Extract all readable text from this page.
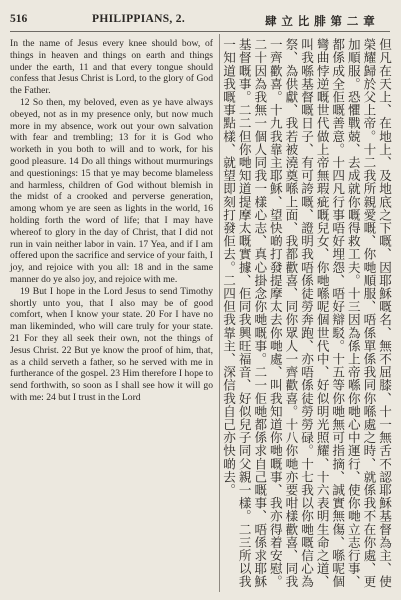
516	PHILIPPIANS, 2.	肆 立 比 腓 第 二 章

In the name of Jesus every knee should bow, of things in heaven and things on earth and things under the earth, 11 and that every tongue should confess that Jesus Christ is Lord, to the glory of God the Father.

12 So then, my beloved, even as ye have always obeyed, not as in my presence only, but now much more in my absence, work out your own salvation with fear and trembling; 13 for it is God who worketh in you both to will and to work, for his good pleasure. 14 Do all things without murmurings and questionings: 15 that ye may become blameless and harmless, children of God without blemish in the midst of a crooked and perverse generation, among whom ye are seen as lights in the world, 16 holding forth the word of life; that I may have whereof to glory in the day of Christ, that I did not run in vain neither labor in vain. 17 Yea, and if I am offered upon the sacrifice and service of your faith, I joy, and rejoice with you all: 18 and in the same manner do ye also joy, and rejoice with me.

19 But I hope in the Lord Jesus to send Timothy shortly unto you, that I also may be of good comfort, when I know your state. 20 For I have no man likeminded, who will care truly for your state. 21 For they all seek their own, not the things of Jesus Christ. 22 But ye know the proof of him, that, as a child serveth a father, so he served with me in furtherance of the gospel. 23 Him therefore I hope to send forthwith, so soon as I shall see how it will go with me: 24 but I trust in the Lord	但凡在天上、在地上、及地底之下嘅、因耶穌嘅名、無不屈膝、十一無舌不認耶穌基督為主、使榮耀歸於父上帝。十二我所親愛嘅、你哋順服、唔係單係我同你喺處之時、就係我不在你處、更加順服。恐懼戰兢、去成就你嘅得救工夫。十三因為係上帝喺你哋心中運行、使你哋立志行事、都係成全佢嘅善意。十四凡行事唔好埋怨、唔好辯駁。十五等你哋無可指摘、誠實無傷、喺呢個彎曲悖逆嘅世代做上帝無瑕疵嘅兒女、你哋喺呢個世代中、好似明光照耀、十六表明生命之道、叫我喺基督嘅日子、有可誇嘅、證明我唔係徒勞奔跑、亦唔係徒勞勞碌。十七我以你哋嘅信心為祭、為供獻、我若被澆奠喺上面、我都歡喜、同你眾人一齊歡喜。十八你哋亦要咁樣歡喜、同我一齊歡喜。十九我靠主耶穌、望快啲打發提摩太去你哋處、叫我知道你哋嘅事、我亦得着安慰。二十因為我無一個人同我一樣心志、真心掛念你哋嘅事。二一佢哋都係求自己嘅事、唔係求耶穌基督嘅事。二二但你哋知道提摩太嘅實據、佢同我興旺福音、好似兒子同父親一樣。二三所以我一知道我嘅事點樣、就望即刻打發佢去。二四但我靠主、深信我自己亦快啲去。
